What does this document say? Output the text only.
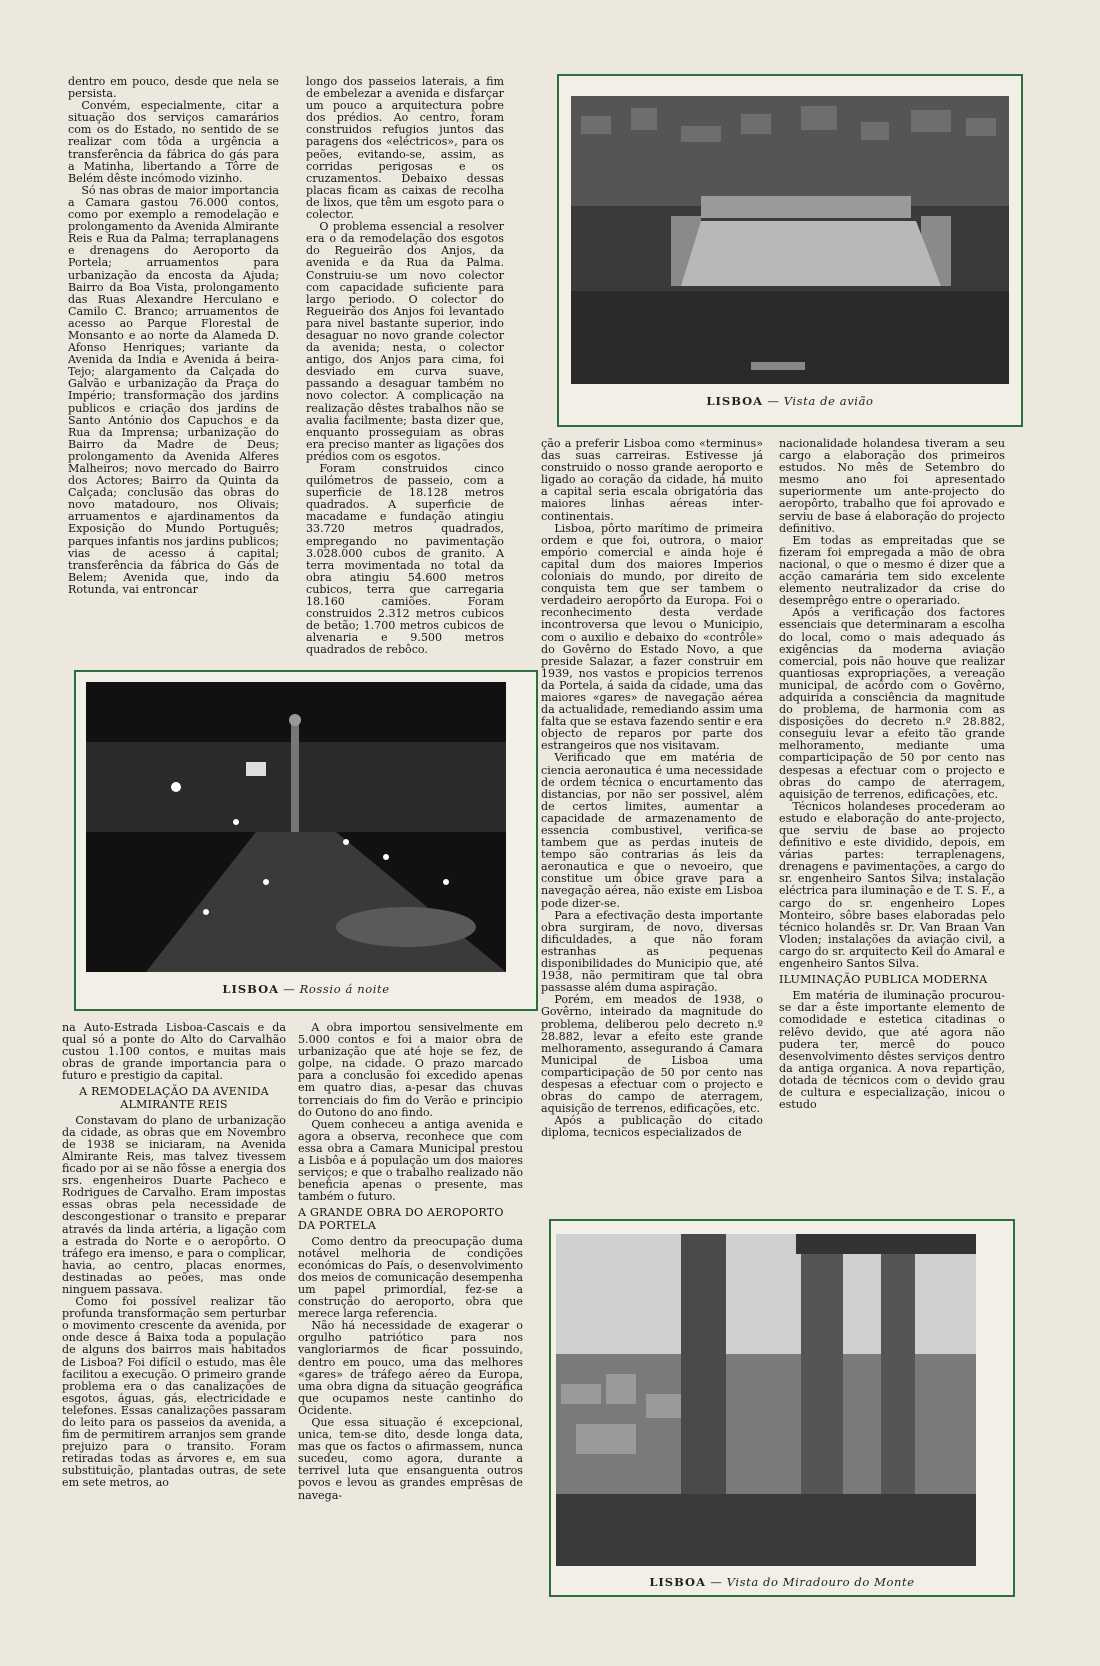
dentro em pouco, desde que nela se persista.

Convém, especialmente, citar a situação dos serviços camarários com os do Estado, no sentido de se realizar com tôda a urgência a transferência da fábrica do gás para a Matinha, libertando a Tôrre de Belém dêste incómodo vizinho.

Só nas obras de maior importancia a Camara gastou 76.000 contos, como por exemplo a remodelação e prolongamento da Avenida Almirante Reis e Rua da Palma; terraplanagens e drenagens do Aeroporto da Portela; arruamentos para urbanização da encosta da Ajuda; Bairro da Boa Vista, prolongamento das Ruas Alexandre Herculano e Camilo C. Branco; arruamentos de acesso ao Parque Florestal de Monsanto e ao norte da Alameda D. Afonso Henriques; variante da Avenida da India e Avenida á beira-Tejo; alargamento da Calçada do Galvão e urbanização da Praça do Império; transformação dos jardins publicos e criação dos jardins de Santo António dos Capuchos e da Rua da Imprensa; urbanização do Bairro da Madre de Deus; prolongamento da Avenida Alferes Malheiros; novo mercado do Bairro dos Actores; Bairro da Quinta da Calçada; conclusão das obras do novo matadouro, nos Olivais; arruamentos e ajardinamentos da Exposição do Mundo Português; parques infantis nos jardins publicos; vias de acesso á capital; transferência da fábrica do Gás de Belem; Avenida que, indo da Rotunda, vai entroncar

longo dos passeios laterais, a fim de embelezar a avenida e disfarçar um pouco a arquitectura pobre dos prédios. Ao centro, foram construidos refugios juntos das paragens dos «eléctricos», para os peões, evitando-se, assim, as corridas perigosas e os cruzamentos. Debaixo dessas placas ficam as caixas de recolha de lixos, que têm um esgoto para o colector.

O problema essencial a resolver era o da remodelação dos esgotos do Regueirão dos Anjos, da avenida e da Rua da Palma. Construiu-se um novo colector com capacidade suficiente para largo periodo. O colector do Regueirão dos Anjos foi levantado para nivel bastante superior, indo desaguar no novo grande colector da avenida; nesta, o colector antigo, dos Anjos para cima, foi desviado em curva suave, passando a desaguar também no novo colector. A complicação na realização dêstes trabalhos não se avalia facilmente; basta dizer que, enquanto prosseguiam as obras era preciso manter as ligações dos prédios com os esgotos.

Foram construidos cinco quilómetros de passeio, com a superficie de 18.128 metros quadrados. A superficie de macadame e fundação atingiu 33.720 metros quadrados, empregando no pavimentação 3.028.000 cubos de granito. A terra movimentada no total da obra atingiu 54.600 metros cubicos, terra que carregaria 18.160 camiões. Foram construidos 2.312 metros cubicos de betão; 1.700 metros cubicos de alvenaria e 9.500 metros quadrados de rebôco.

LISBOA — Vista de avião

ção a preferir Lisboa como «terminus» das suas carreiras. Estivesse já construido o nosso grande aeroporto e ligado ao coração da cidade, há muito a capital seria escala obrigatória das maiores linhas aéreas inter-continentais.

Lisboa, pôrto marítimo de primeira ordem e que foi, outrora, o maior empório comercial e ainda hoje é capital dum dos maiores Imperios coloniais do mundo, por direito de conquista tem que ser tambem o verdadeiro aeropôrto da Europa. Foi o reconhecimento desta verdade incontroversa que levou o Municipio, com o auxilio e debaixo do «contrôle» do Govêrno do Estado Novo, a que preside Salazar, a fazer construir em 1939, nos vastos e propicios terrenos da Portela, á saida da cidade, uma das maiores «gares» de navegação aérea da actualidade, remediando assim uma falta que se estava fazendo sentir e era objecto de reparos por parte dos estrangeiros que nos visitavam.

Verificado que em matéria de ciencia aeronautica é uma necessidade de ordem técnica o encurtamento das distancias, por não ser possivel, além de certos limites, aumentar a capacidade de armazenamento de essencia combustivel, verifica-se tambem que as perdas inuteis de tempo são contrarias ás leis da aeronautica e que o nevoeiro, que constitue um óbice grave para a navegação aérea, não existe em Lisboa pode dizer-se.

Para a efectivação desta importante obra surgiram, de novo, diversas dificuldades, a que não foram estranhas as pequenas disponibilidades do Municipio que, até 1938, não permitiram que tal obra passasse além duma aspiração.

Porém, em meados de 1938, o Govêrno, inteirado da magnitude do problema, deliberou pelo decreto n.º 28.882, levar a efeito este grande melhoramento, assegurando á Camara Municipal de Lisboa uma comparticipação de 50 por cento nas despesas a efectuar com o projecto e obras do campo de aterragem, aquisição de terrenos, edificações, etc.

Após a publicação do citado diploma, tecnicos especializados de

nacionalidade holandesa tiveram a seu cargo a elaboração dos primeiros estudos. No mês de Setembro do mesmo ano foi apresentado superiormente um ante-projecto do aeropôrto, trabalho que foi aprovado e serviu de base á elaboração do projecto definitivo.

Em todas as empreitadas que se fizeram foi empregada a mão de obra nacional, o que o mesmo é dizer que a acção camarária tem sido excelente elemento neutralizador da crise do desemprêgo entre o operariado.

Após a verificação dos factores essenciais que determinaram a escolha do local, como o mais adequado ás exigências da moderna aviação comercial, pois não houve que realizar quantiosas expropriações, a vereação municipal, de acôrdo com o Govêrno, adquirida a consciência da magnitude do problema, de harmonia com as disposições do decreto n.º 28.882, conseguiu levar a efeito tão grande melhoramento, mediante uma comparticipação de 50 por cento nas despesas a efectuar com o projecto e obras do campo de aterragem, aquisição de terrenos, edificações, etc.

Técnicos holandeses procederam ao estudo e elaboração do ante-projecto, que serviu de base ao projecto definitivo e este dividido, depois, em várias partes: terraplenagens, drenagens e pavimentações, a cargo do sr. engenheiro Santos Silva; instalação eléctrica para iluminação e de T. S. F., a cargo do sr. engenheiro Lopes Monteiro, sôbre bases elaboradas pelo técnico holandês sr. Dr. Van Braan Van Vloden; instalações da aviação civil, a cargo do sr. arquitecto Keil do Amaral e engenheiro Santos Silva.

ILUMINAÇÃO PUBLICA MODERNA

Em matéria de iluminação procurou-se dar a êste importante elemento de comodidade e estetica citadinas o relêvo devido, que até agora não pudera ter, mercê do pouco desenvolvimento dêstes serviços dentro da antiga organica. A nova repartição, dotada de técnicos com o devido grau de cultura e especialização, inicou o estudo

LISBOA — Rossio á noite

na Auto-Estrada Lisboa-Cascais e da qual só a ponte do Alto do Carvalhão custou 1.100 contos, e muitas mais obras de grande importancia para o futuro e prestigio da capital.

A REMODELAÇÃO DA AVENIDA ALMIRANTE REIS

Constavam do plano de urbanização da cidade, as obras que em Novembro de 1938 se iniciaram, na Avenida Almirante Reis, mas talvez tivessem ficado por ai se não fôsse a energia dos srs. engenheiros Duarte Pacheco e Rodrigues de Carvalho. Eram impostas essas obras pela necessidade de descongestionar o transito e preparar através da linda artéria, a ligação com a estrada do Norte e o aeropôrto. O tráfego era imenso, e para o complicar, havia, ao centro, placas enormes, destinadas ao peões, mas onde ninguem passava.

Como foi possível realizar tão profunda transformação sem perturbar o movimento crescente da avenida, por onde desce á Baixa toda a população de alguns dos bairros mais habitados de Lisboa? Foi difícil o estudo, mas êle facilitou a execução. O primeiro grande problema era o das canalizações de esgotos, águas, gás, electricidade e telefones. Essas canalizações passaram do leito para os passeios da avenida, a fim de permitirem arranjos sem grande prejuizo para o transito. Foram retiradas todas as árvores e, em sua substituição, plantadas outras, de sete em sete metros, ao

A obra importou sensivelmente em 5.000 contos e foi a maior obra de urbanização que até hoje se fez, de golpe, na cidade. O prazo marcado para a conclusão foi excedido apenas em quatro dias, a-pesar das chuvas torrenciais do fim do Verão e principio do Outono do ano findo.

Quem conheceu a antiga avenida e agora a observa, reconhece que com essa obra a Camara Municipal prestou a Lisbôa e á população um dos maiores serviços; e que o trabalho realizado não beneficia apenas o presente, mas também o futuro.

A GRANDE OBRA DO AEROPORTO DA PORTELA

Como dentro da preocupação duma notável melhoria de condições económicas do País, o desenvolvimento dos meios de comunicação desempenha um papel primordial, fez-se a construção do aeroporto, obra que merece larga referencia.

Não há necessidade de exagerar o orgulho patriótico para nos vangloriarmos de ficar possuindo, dentro em pouco, uma das melhores «gares» de tráfego aéreo da Europa, uma obra digna da situação geográfica que ocupamos neste cantinho do Ocidente.

Que essa situação é excepcional, unica, tem-se dito, desde longa data, mas que os factos o afirmassem, nunca sucedeu, como agora, durante a terrivel luta que ensanguenta outros povos e levou as grandes emprêsas de navega-

LISBOA — Vista do Miradouro do Monte
